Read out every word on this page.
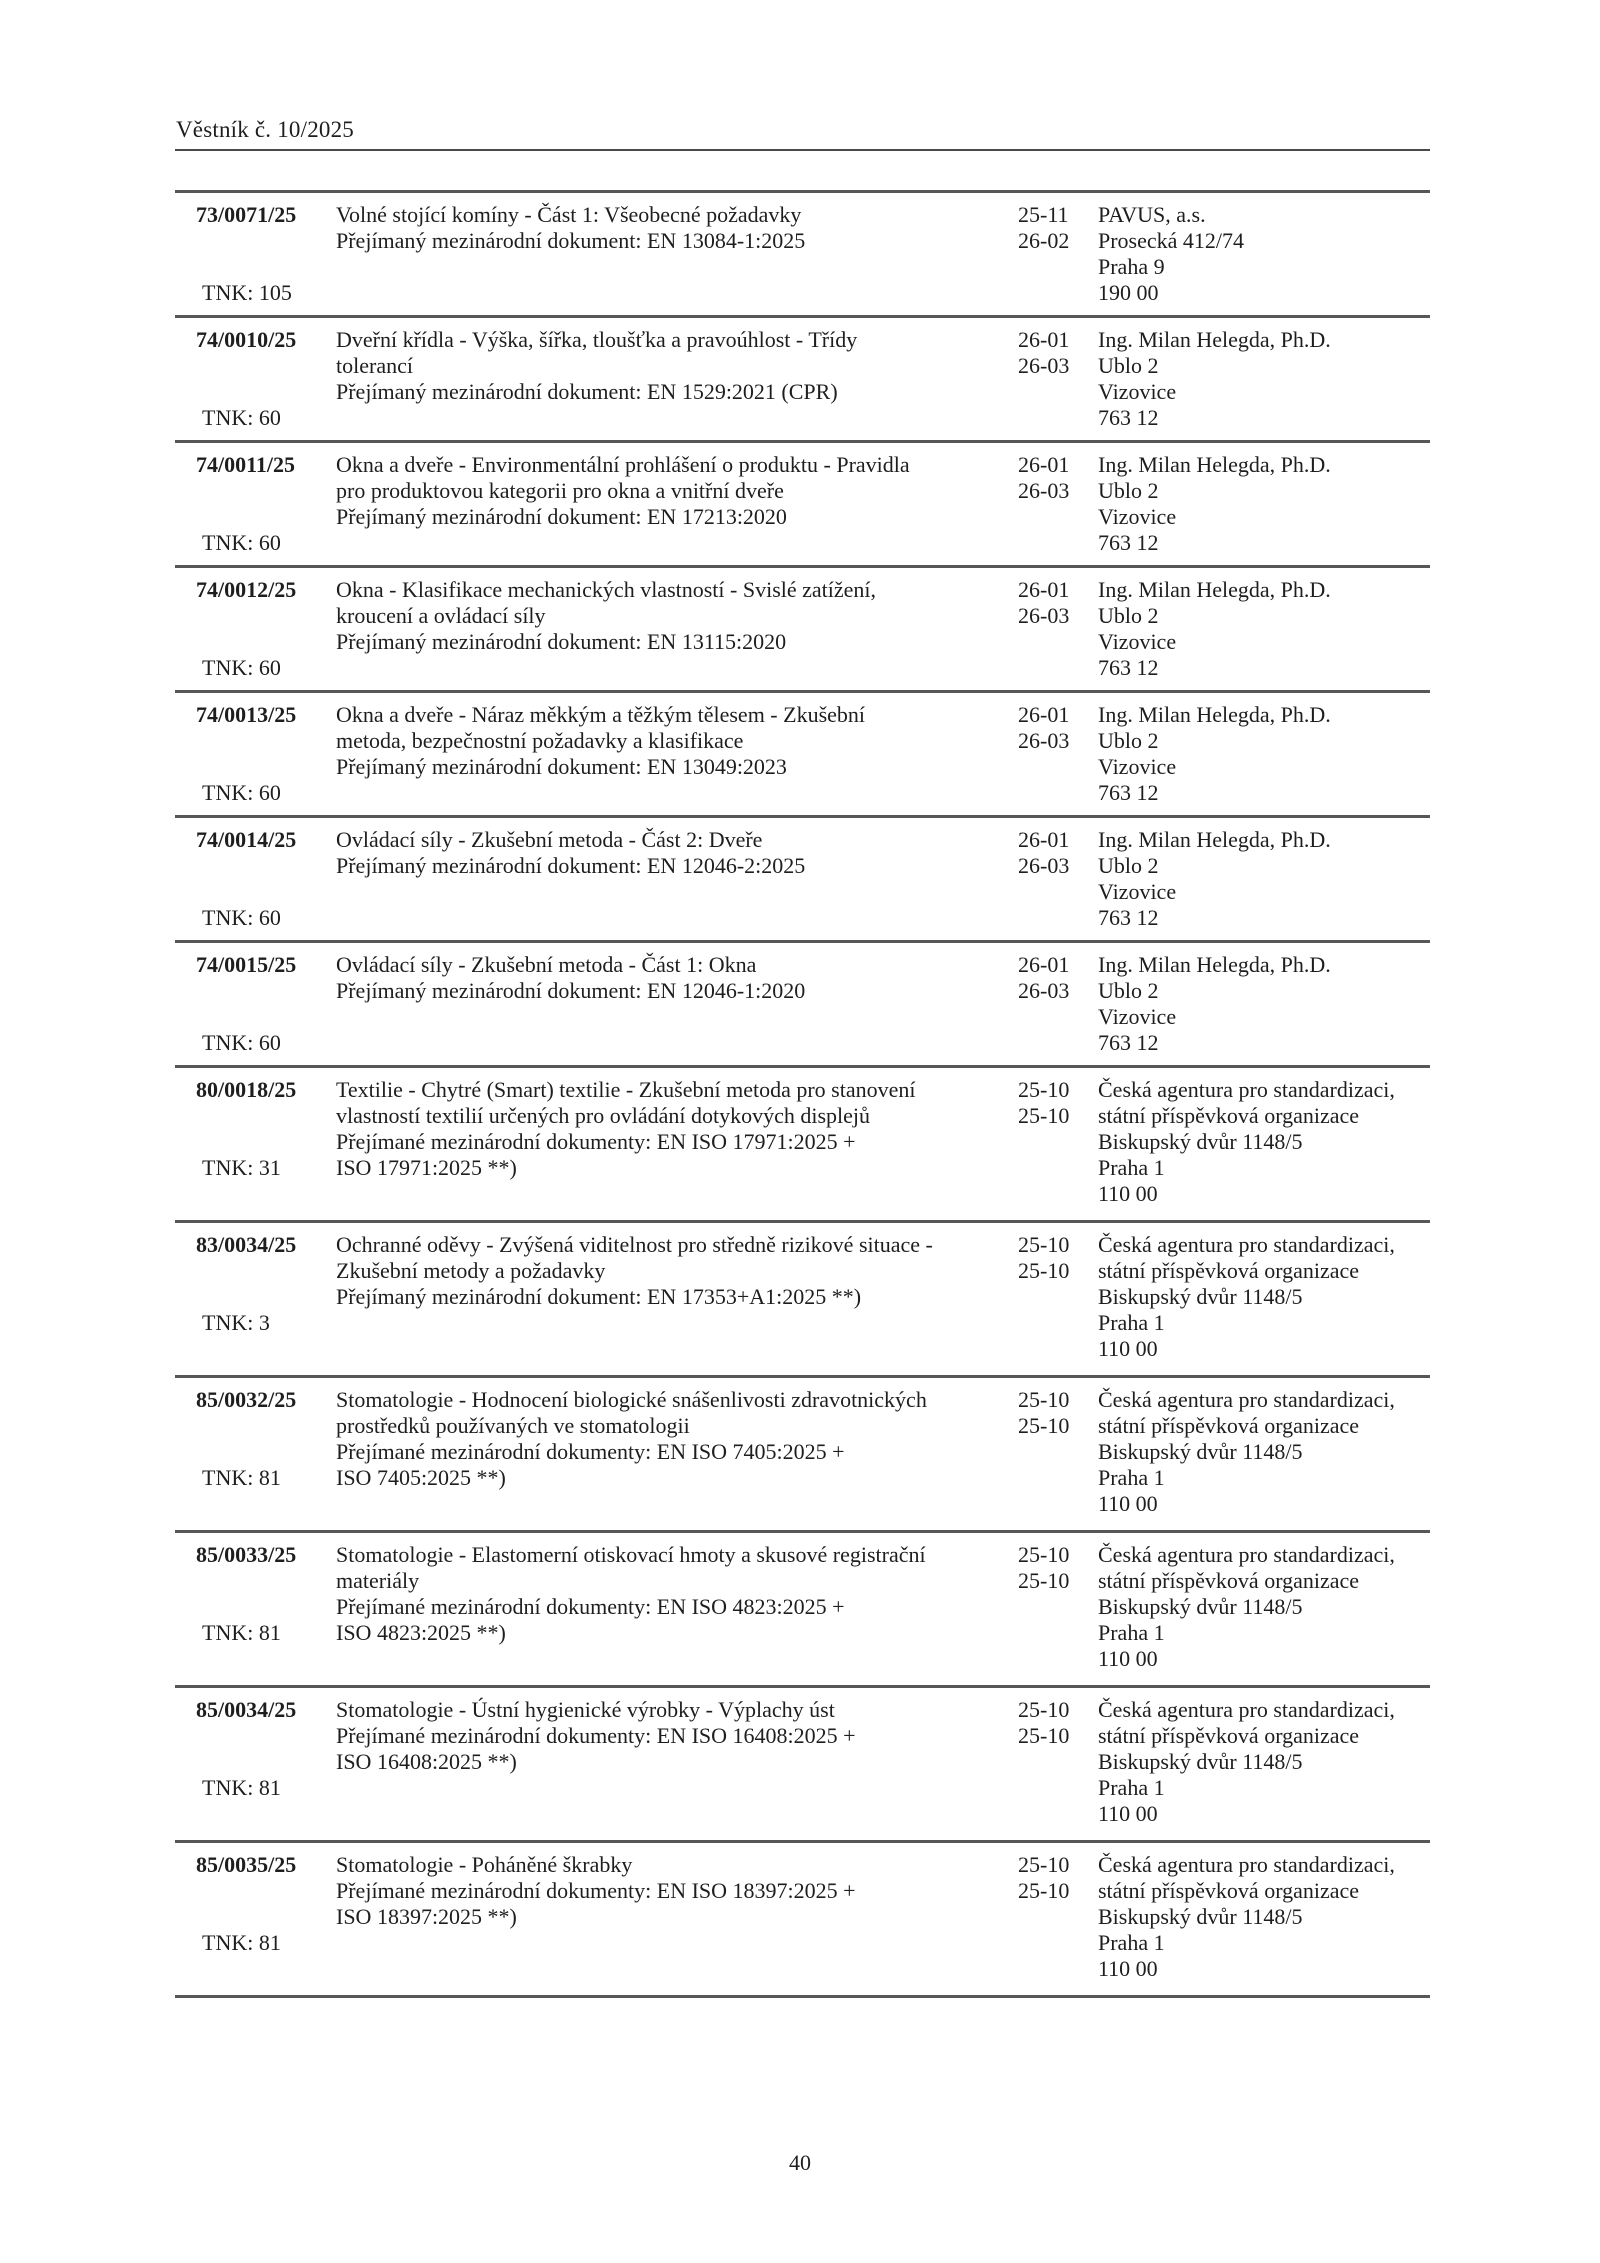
Věstník č. 10/2025
73/0071/25
TNK: 105
Volné stojící komíny - Část 1: Všeobecné požadavky
Přejímaný mezinárodní dokument: EN 13084-1:2025
25-11
26-02
PAVUS, a.s.
Prosecká 412/74
Praha 9
190 00
74/0010/25
TNK: 60
Dveřní křídla - Výška, šířka, tloušťka a pravoúhlost - Třídy
tolerancí
Přejímaný mezinárodní dokument: EN 1529:2021 (CPR)
26-01
26-03
Ing. Milan Helegda, Ph.D.
Ublo 2
Vizovice
763 12
74/0011/25
TNK: 60
Okna a dveře - Environmentální prohlášení o produktu - Pravidla
pro produktovou kategorii pro okna a vnitřní dveře
Přejímaný mezinárodní dokument: EN 17213:2020
26-01
26-03
Ing. Milan Helegda, Ph.D.
Ublo 2
Vizovice
763 12
74/0012/25
TNK: 60
Okna - Klasifikace mechanických vlastností - Svislé zatížení,
kroucení a ovládací síly
Přejímaný mezinárodní dokument: EN 13115:2020
26-01
26-03
Ing. Milan Helegda, Ph.D.
Ublo 2
Vizovice
763 12
74/0013/25
TNK: 60
Okna a dveře - Náraz měkkým a těžkým tělesem - Zkušební
metoda, bezpečnostní požadavky a klasifikace
Přejímaný mezinárodní dokument: EN 13049:2023
26-01
26-03
Ing. Milan Helegda, Ph.D.
Ublo 2
Vizovice
763 12
74/0014/25
TNK: 60
Ovládací síly - Zkušební metoda - Část 2: Dveře
Přejímaný mezinárodní dokument: EN 12046-2:2025
26-01
26-03
Ing. Milan Helegda, Ph.D.
Ublo 2
Vizovice
763 12
74/0015/25
TNK: 60
Ovládací síly - Zkušební metoda - Část 1: Okna
Přejímaný mezinárodní dokument: EN 12046-1:2020
26-01
26-03
Ing. Milan Helegda, Ph.D.
Ublo 2
Vizovice
763 12
80/0018/25
TNK: 31
Textilie - Chytré (Smart) textilie - Zkušební metoda pro stanovení
vlastností textilií určených pro ovládání dotykových displejů
Přejímané mezinárodní dokumenty: EN ISO 17971:2025 +
ISO 17971:2025 **)
25-10
25-10
Česká agentura pro standardizaci,
státní příspěvková organizace
Biskupský dvůr 1148/5
Praha 1
110 00
83/0034/25
TNK: 3
Ochranné oděvy - Zvýšená viditelnost pro středně rizikové situace -
Zkušební metody a požadavky
Přejímaný mezinárodní dokument: EN 17353+A1:2025 **)
25-10
25-10
Česká agentura pro standardizaci,
státní příspěvková organizace
Biskupský dvůr 1148/5
Praha 1
110 00
85/0032/25
TNK: 81
Stomatologie - Hodnocení biologické snášenlivosti zdravotnických
prostředků používaných ve stomatologii
Přejímané mezinárodní dokumenty: EN ISO 7405:2025 +
ISO 7405:2025 **)
25-10
25-10
Česká agentura pro standardizaci,
státní příspěvková organizace
Biskupský dvůr 1148/5
Praha 1
110 00
85/0033/25
TNK: 81
Stomatologie - Elastomerní otiskovací hmoty a skusové registrační
materiály
Přejímané mezinárodní dokumenty: EN ISO 4823:2025 +
ISO 4823:2025 **)
25-10
25-10
Česká agentura pro standardizaci,
státní příspěvková organizace
Biskupský dvůr 1148/5
Praha 1
110 00
85/0034/25
TNK: 81
Stomatologie - Ústní hygienické výrobky - Výplachy úst
Přejímané mezinárodní dokumenty: EN ISO 16408:2025 +
ISO 16408:2025 **)
25-10
25-10
Česká agentura pro standardizaci,
státní příspěvková organizace
Biskupský dvůr 1148/5
Praha 1
110 00
85/0035/25
TNK: 81
Stomatologie - Poháněné škrabky
Přejímané mezinárodní dokumenty: EN ISO 18397:2025 +
ISO 18397:2025 **)
25-10
25-10
Česká agentura pro standardizaci,
státní příspěvková organizace
Biskupský dvůr 1148/5
Praha 1
110 00
40
